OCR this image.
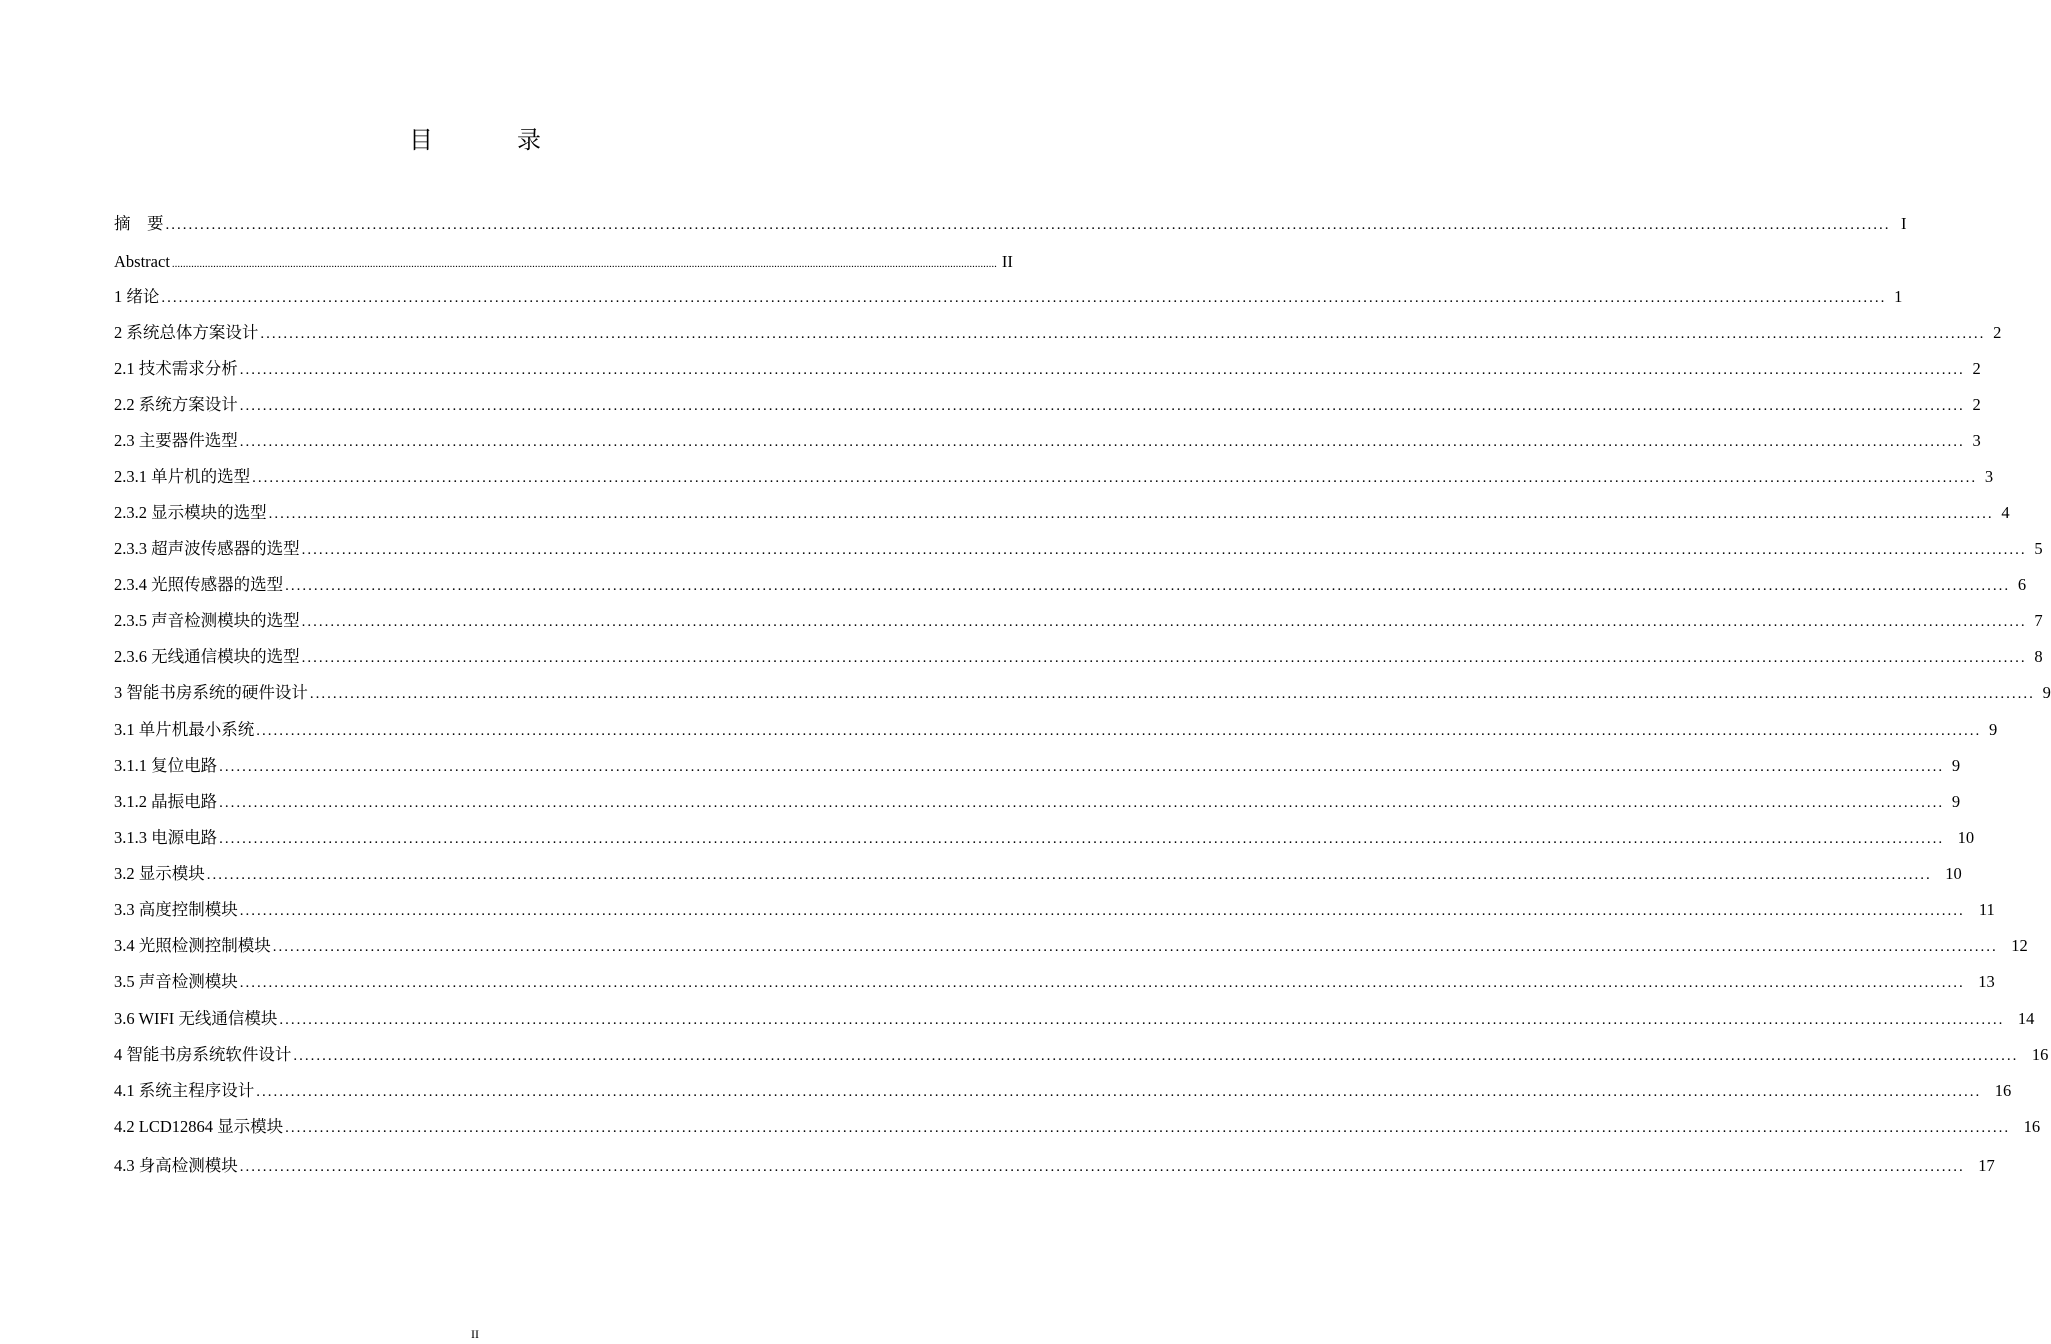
目　录
摘　要 ............................................................................................................................................................................................................................................................................................................ I
Abstract ............................................................................................................................................................................................................................................................................................................ II
1 绪论 ............................................................................................................................................................................................................................................................................................................ 1
2 系统总体方案设计 ............................................................................................................................................................................................................................................................................................................ 2
2.1 技术需求分析 ............................................................................................................................................................................................................................................................................................................ 2
2.2 系统方案设计 ............................................................................................................................................................................................................................................................................................................ 2
2.3 主要器件选型 ............................................................................................................................................................................................................................................................................................................ 3
2.3.1 单片机的选型 ............................................................................................................................................................................................................................................................................................................ 3
2.3.2 显示模块的选型 ............................................................................................................................................................................................................................................................................................................ 4
2.3.3 超声波传感器的选型 ............................................................................................................................................................................................................................................................................................................ 5
2.3.4 光照传感器的选型 ............................................................................................................................................................................................................................................................................................................ 6
2.3.5 声音检测模块的选型 ............................................................................................................................................................................................................................................................................................................ 7
2.3.6 无线通信模块的选型 ............................................................................................................................................................................................................................................................................................................ 8
3 智能书房系统的硬件设计 ............................................................................................................................................................................................................................................................................................................ 9
3.1 单片机最小系统 ............................................................................................................................................................................................................................................................................................................ 9
3.1.1 复位电路 ............................................................................................................................................................................................................................................................................................................ 9
3.1.2 晶振电路 ............................................................................................................................................................................................................................................................................................................ 9
3.1.3 电源电路 ............................................................................................................................................................................................................................................................................................................ 10
3.2 显示模块 ............................................................................................................................................................................................................................................................................................................ 10
3.3 高度控制模块 ............................................................................................................................................................................................................................................................................................................ 11
3.4 光照检测控制模块 ............................................................................................................................................................................................................................................................................................................ 12
3.5 声音检测模块 ............................................................................................................................................................................................................................................................................................................ 13
3.6 WIFI 无线通信模块 ............................................................................................................................................................................................................................................................................................................ 14
4 智能书房系统软件设计 ............................................................................................................................................................................................................................................................................................................ 16
4.1 系统主程序设计 ............................................................................................................................................................................................................................................................................................................ 16
4.2 LCD12864 显示模块 ............................................................................................................................................................................................................................................................................................................ 16
4.3 身高检测模块 ............................................................................................................................................................................................................................................................................................................ 17
II
